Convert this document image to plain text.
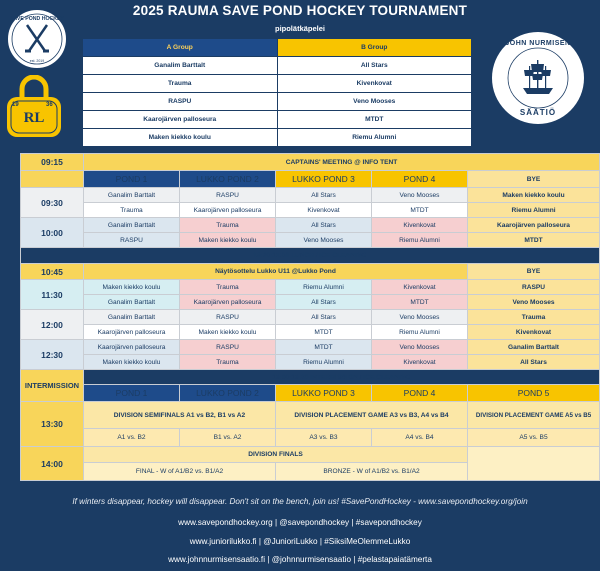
2025 RAUMA SAVE POND HOCKEY TOURNAMENT
pipolätkäpelei
SAVE POND HOCKEY
est. 2019
RL
19	36
JOHN NURMISEN
SÄÄTIÖ
A Group	B Group
Ganalim Barttalt	All Stars
Trauma	Kivenkovat
RASPU	Veno Mooses
Kaarojärven palloseura	MTDT
Maken kiekko koulu	Riemu Alumni
09:15	CAPTAINS' MEETING @ INFO TENT				
	POND 1	LUKKO POND 2	LUKKO POND 3	POND 4	BYE
09:30	Ganalim Barttalt	RASPU	All Stars	Veno Mooses	Maken kiekko koulu
	Trauma	Kaarojärven palloseura	Kivenkovat	MTDT	Riemu Alumni
10:00	Ganalim Barttalt	Trauma	All Stars	Kivenkovat	Kaarojärven palloseura
	RASPU	Maken kiekko koulu	Veno Mooses	Riemu Alumni	MTDT
10:30-11:00 LUNCH / ICE CLEANING					
10:45	Näytösottelu Lukko U11 @Lukko Pond				BYE
11:30	Maken kiekko koulu	Trauma	Riemu Alumni	Kivenkovat	RASPU
	Ganalim Barttalt	Kaarojärven palloseura	All Stars	MTDT	Veno Mooses
12:00	Ganalim Barttalt	RASPU	All Stars	Veno Mooses	Trauma
	Kaarojärven palloseura	Maken kiekko koulu	MTDT	Riemu Alumni	Kivenkovat
12:30	Kaarojärven palloseura	RASPU	MTDT	Veno Mooses	Ganalim Barttalt
	Maken kiekko koulu	Trauma	Riemu Alumni	Kivenkovat	All Stars
INTERMISSION	13:00-13:30 INTERMISSION / ICE CLEANING				
	POND 1	LUKKO POND 2	LUKKO POND 3	POND 4	POND 5
13:30	DIVISION SEMIFINALS A1 vs B2, B1 vs A2		DIVISION PLACEMENT GAME A3 vs B3, A4 vs B4		DIVISION PLACEMENT GAME A5 vs B5
	A1 vs. B2	B1 vs. A2	A3 vs. B3	A4 vs. B4	A5 vs. B5
14:00	DIVISION FINALS				
	FINAL - W of A1/B2 vs. B1/A2		BRONZE - W of A1/B2 vs. B1/A2		
If winters disappear, hockey will disappear. Don't sit on the bench, join us! #SavePondHockey - www.savepondhockey.org/join
www.savepondhockey.org | @savepondhockey | #savepondhockey
www.juniorilukko.fi | @JunioriLukko | #SiksiMeOlemmeLukko
www.johnnurmisensaatio.fi | @johnnurmisensaatio | #pelastapaiatämerta
